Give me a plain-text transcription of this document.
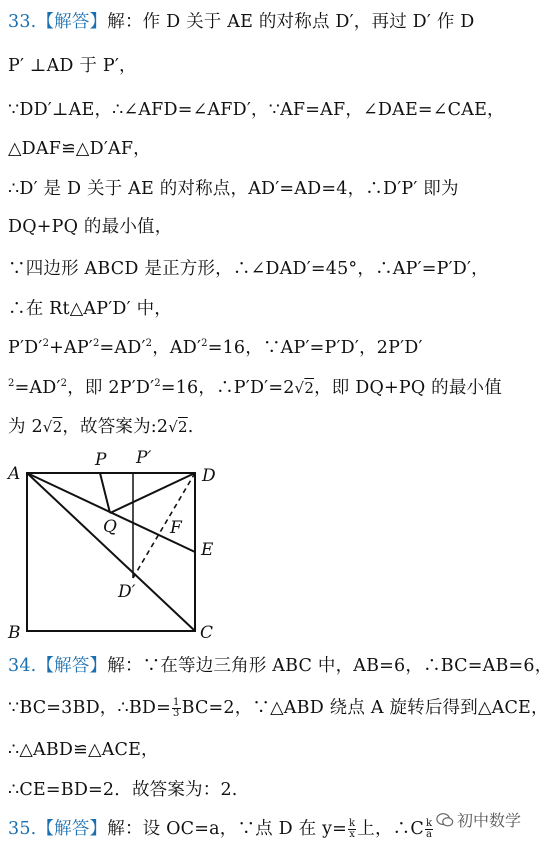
33.【解答】解：作 D 关于 AE 的对称点 D′，再过 D′ 作 D
P′ ⊥AD 于 P′，
∵DD′⊥AE，∴∠AFD=∠AFD′，∵AF=AF，∠DAE=∠CAE，
△DAF≌△D′AF，
∴D′ 是 D 关于 AE 的对称点，AD′=AD=4，∴D′P′ 即为
DQ+PQ 的最小值，
∵四边形 ABCD 是正方形，∴∠DAD′=45°，∴AP′=P′D′，
∴在 Rt△AP′D′ 中，
$P'D'^2+AP'^2=AD'^2$，$AD'^2=16$，∵AP′=P′D′，2P′D′
$^2=AD'^2$，即 $2P'D'^2=16$，∴P′D′=2√2，即 DQ+PQ 的最小值
为 2√2，故答案为:2√2.
A
B	C
D
E
F
P P′
Q
D′
34.【解答】解：∵在等边三角形 ABC 中，AB=6，∴BC=AB=6，
∵BC=3BD，∴BD= $\frac{1}{3} BC=2$，∵△ABD 绕点 A 旋转后得到△ACE，
∴△ABD≌△ACE，
∴CE=BD=2．故答案为：2.
35.【解答】解：设 OC=a，∵点 D 在 $y= \frac{k}{x}$ 上，∴C $\frac{k}{a}$ 初中数学
